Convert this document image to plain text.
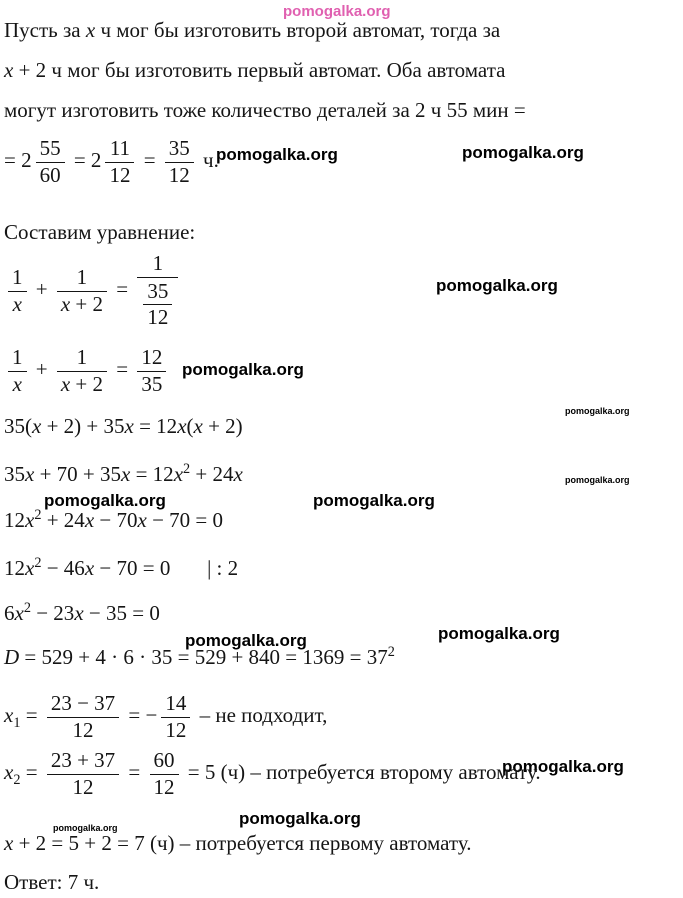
pomogalka.org
pomogalka.org	pomogalka.org
pomogalka.org
pomogalka.org
pomogalka.org
pomogalka.org
pomogalka.org	pomogalka.org
pomogalka.org	pomogalka.org
pomogalka.org
pomogalka.org
pomogalka.org
Пусть за x ч мог бы изготовить второй автомат, тогда за
x + 2 ч мог бы изготовить первый автомат. Оба автомата
могут изготовить тоже количество деталей за 2 ч 55 мин =
= $2 \frac{55}{60} = 2 \frac{11}{12} = \frac{35}{12} ч$.
Составим уравнение:
$\frac{1}{x} + \frac{1}{x + 2} = \frac{1}{\frac{35}{12}}$
$\frac{1}{x} + \frac{1}{x + 2} = \frac{12}{35}$
35(x + 2) + 35x = 12x(x + 2)
$35x + 70 + 35x = 12x^2 + 24x$
$12x^2 + 24x - 70x - 70 = 0$
$12x^2 - 46x - 70 = 0$       | : 2
$6x^2 - 23x - 35 = 0$
$D = 529 + 4 \cdot 6 \cdot 35 = 529 + 840 = 1369 = 37^2$
$x_1 = \frac{23 - 37}{12}$ = − $\frac{14}{12}$ – не подходит,
$x_2 = \frac{23 + 37}{12} = \frac{60}{12} = 5$ (ч) – потребуется второму автомату.
x + 2 = 5 + 2 = 7 (ч) – потребуется первому автомату.
Ответ: 7 ч.
